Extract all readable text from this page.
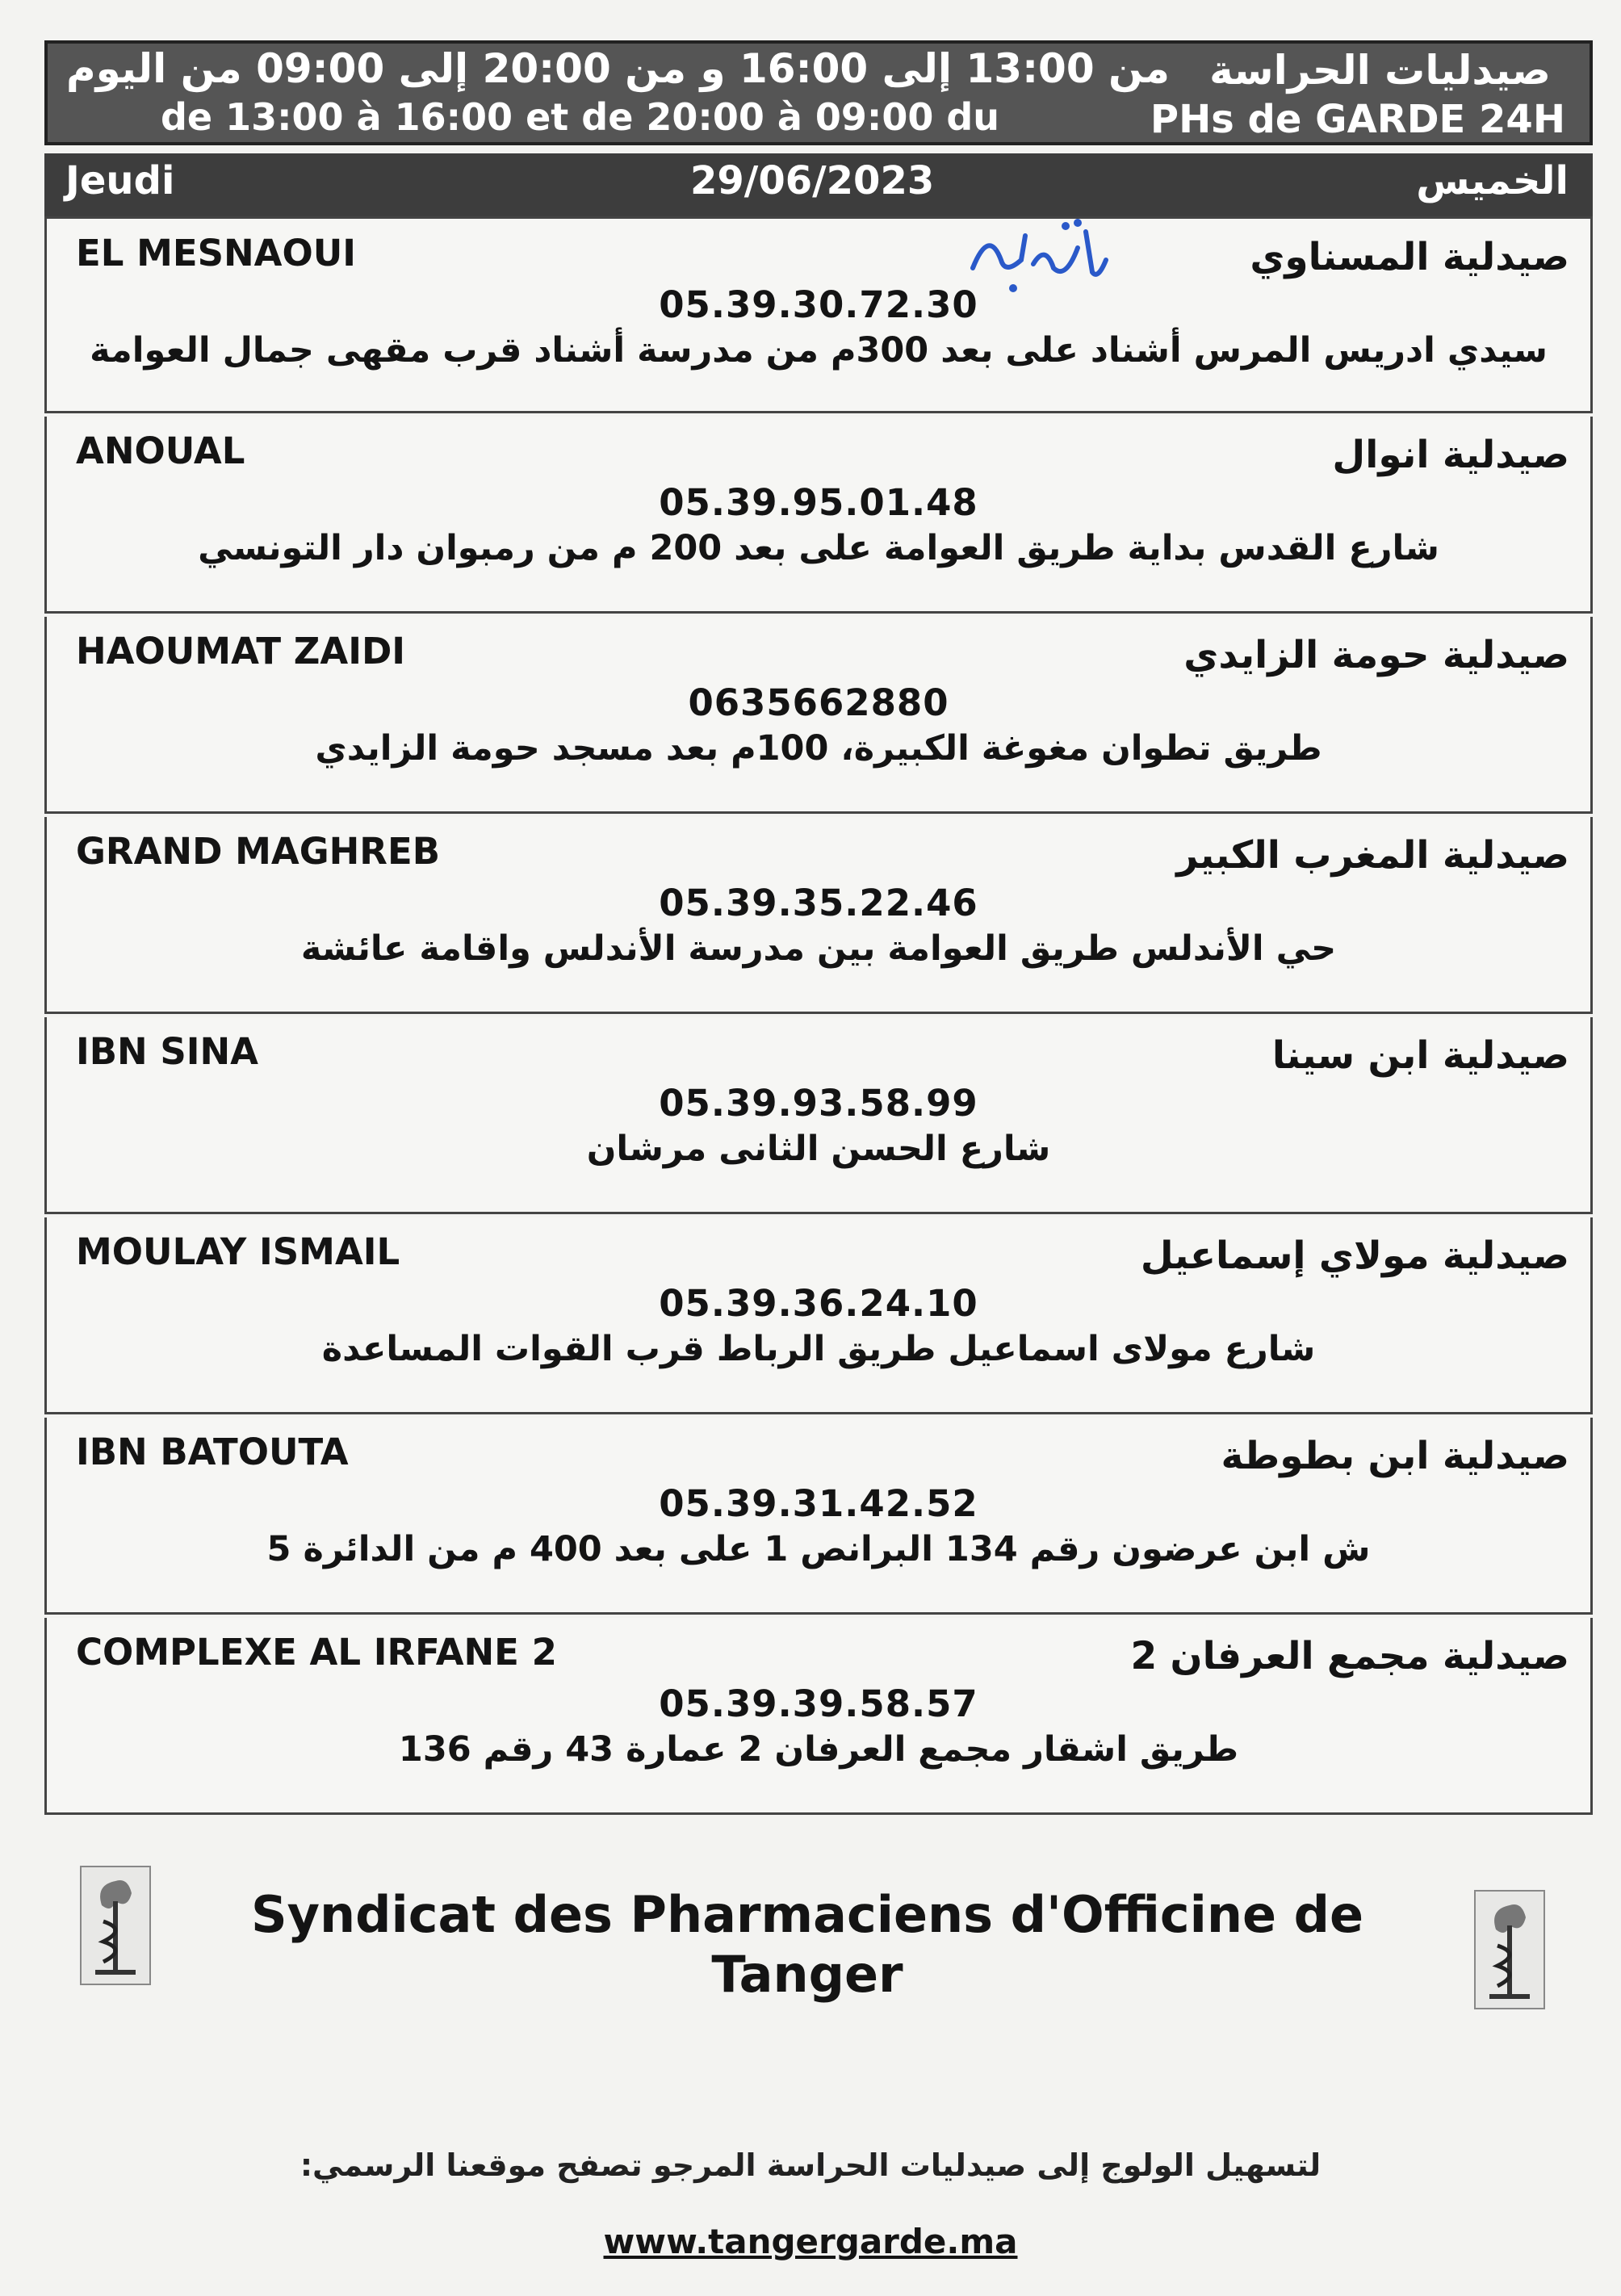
من 13:00 إلى 16:00 و من 20:00 إلى 09:00 من اليوم
de 13:00 à 16:00 et de 20:00 à 09:00 du
صيدليات الحراسة
PHs de GARDE 24H
Jeudi	29/06/2023	الخميس
EL MESNAOUI	صيدلية المسناوي
05.39.30.72.30
سيدي ادريس المرس أشناد على بعد 300م من مدرسة أشناد قرب مقهى جمال العوامة
ANOUAL	صيدلية انوال
05.39.95.01.48
شارع القدس بداية طريق العوامة على بعد 200 م من رمبوان دار التونسي
HAOUMAT ZAIDI	صيدلية حومة الزايدي
0635662880
طريق تطوان مغوغة الكبيرة، 100م بعد مسجد حومة الزايدي
GRAND MAGHREB	صيدلية المغرب الكبير
05.39.35.22.46
حي الأندلس طريق العوامة بين مدرسة الأندلس واقامة عائشة
IBN SINA	صيدلية ابن سينا
05.39.93.58.99
شارع الحسن الثانى مرشان
MOULAY ISMAIL	صيدلية مولاي إسماعيل
05.39.36.24.10
شارع مولاى اسماعيل طريق الرباط قرب القوات المساعدة
IBN BATOUTA	صيدلية ابن بطوطة
05.39.31.42.52
ش ابن عرضون رقم 134 البرانص 1 على بعد 400 م من الدائرة 5
COMPLEXE AL IRFANE 2	صيدلية مجمع العرفان 2
05.39.39.58.57
طريق اشقار مجمع العرفان 2 عمارة 43 رقم 136
Syndicat des Pharmaciens d'Officine de Tanger
لتسهيل الولوج إلى صيدليات الحراسة المرجو تصفح موقعنا الرسمي:
www.tangergarde.ma
